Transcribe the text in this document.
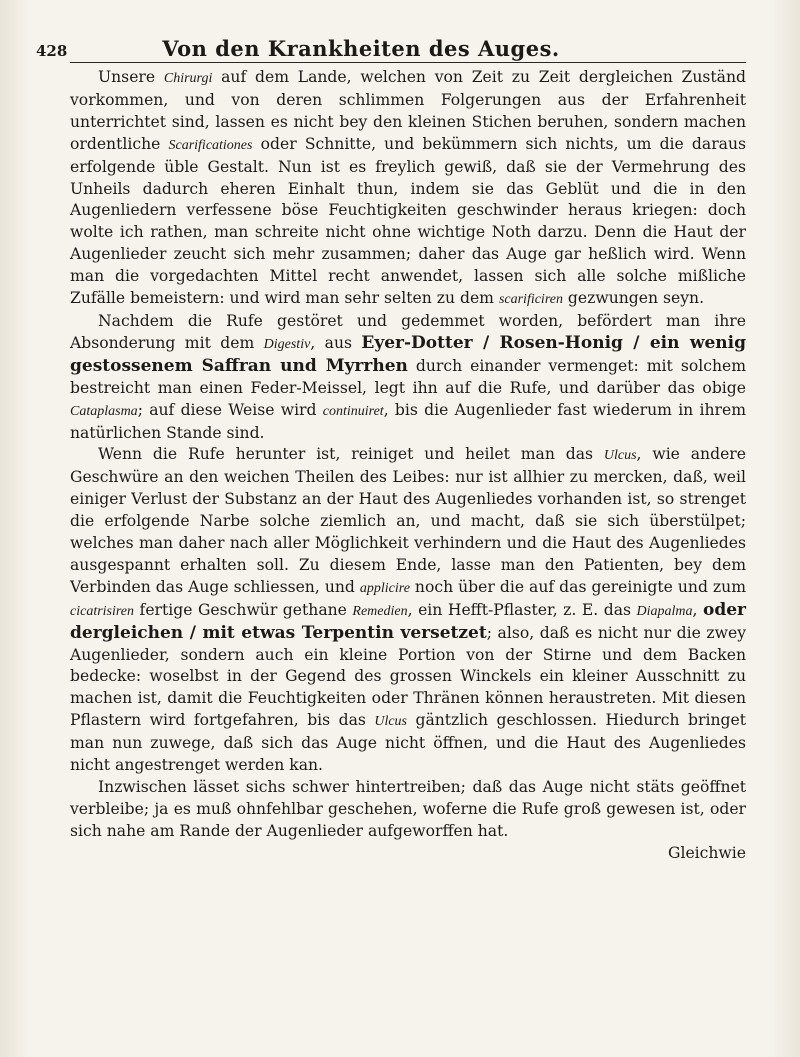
428	Von den Krankheiten des Auges.

Unsere Chirurgi auf dem Lande, welchen von Zeit zu Zeit dergleichen Zuständ vorkommen, und von deren schlimmen Folgerungen aus der Erfahrenheit unterrichtet sind, lassen es nicht bey den kleinen Stichen beruhen, sondern machen ordentliche Scarificationes oder Schnitte, und bekümmern sich nichts, um die daraus erfolgende üble Gestalt. Nun ist es freylich gewiß, daß sie der Vermehrung des Unheils dadurch eheren Einhalt thun, indem sie das Geblüt und die in den Augenliedern verfessene böse Feuchtigkeiten geschwinder heraus kriegen: doch wolte ich rathen, man schreite nicht ohne wichtige Noth darzu. Denn die Haut der Augenlieder zeucht sich mehr zusammen; daher das Auge gar heßlich wird. Wenn man die vorgedachten Mittel recht anwendet, lassen sich alle solche mißliche Zufälle bemeistern: und wird man sehr selten zu dem scarificiren gezwungen seyn.

Nachdem die Rufe gestöret und gedemmet worden, befördert man ihre Absonderung mit dem Digestiv, aus Eyer-Dotter / Rosen-Honig / ein wenig gestossenem Saffran und Myrrhen durch einander vermenget: mit solchem bestreicht man einen Feder-Meissel, legt ihn auf die Rufe, und darüber das obige Cataplasma; auf diese Weise wird continuiret, bis die Augenlieder fast wiederum in ihrem natürlichen Stande sind.

Wenn die Rufe herunter ist, reiniget und heilet man das Ulcus, wie andere Geschwüre an den weichen Theilen des Leibes: nur ist allhier zu mercken, daß, weil einiger Verlust der Substanz an der Haut des Augenliedes vorhanden ist, so strenget die erfolgende Narbe solche ziemlich an, und macht, daß sie sich überstülpet; welches man daher nach aller Möglichkeit verhindern und die Haut des Augenliedes ausgespannt erhalten soll. Zu diesem Ende, lasse man den Patienten, bey dem Verbinden das Auge schliessen, und applicire noch über die auf das gereinigte und zum cicatrisiren fertige Geschwür gethane Remedien, ein Hefft-Pflaster, z. E. das Diapalma, oder dergleichen / mit etwas Terpentin versetzet; also, daß es nicht nur die zwey Augenlieder, sondern auch ein kleine Portion von der Stirne und dem Backen bedecke: woselbst in der Gegend des grossen Winckels ein kleiner Ausschnitt zu machen ist, damit die Feuchtigkeiten oder Thränen können heraustreten. Mit diesen Pflastern wird fortgefahren, bis das Ulcus gäntzlich geschlossen. Hiedurch bringet man nun zuwege, daß sich das Auge nicht öffnen, und die Haut des Augenliedes nicht angestrenget werden kan.

Inzwischen lässet sichs schwer hintertreiben; daß das Auge nicht stäts geöffnet verbleibe; ja es muß ohnfehlbar geschehen, woferne die Rufe groß gewesen ist, oder sich nahe am Rande der Augenlieder aufgeworffen hat.

Gleichwie
